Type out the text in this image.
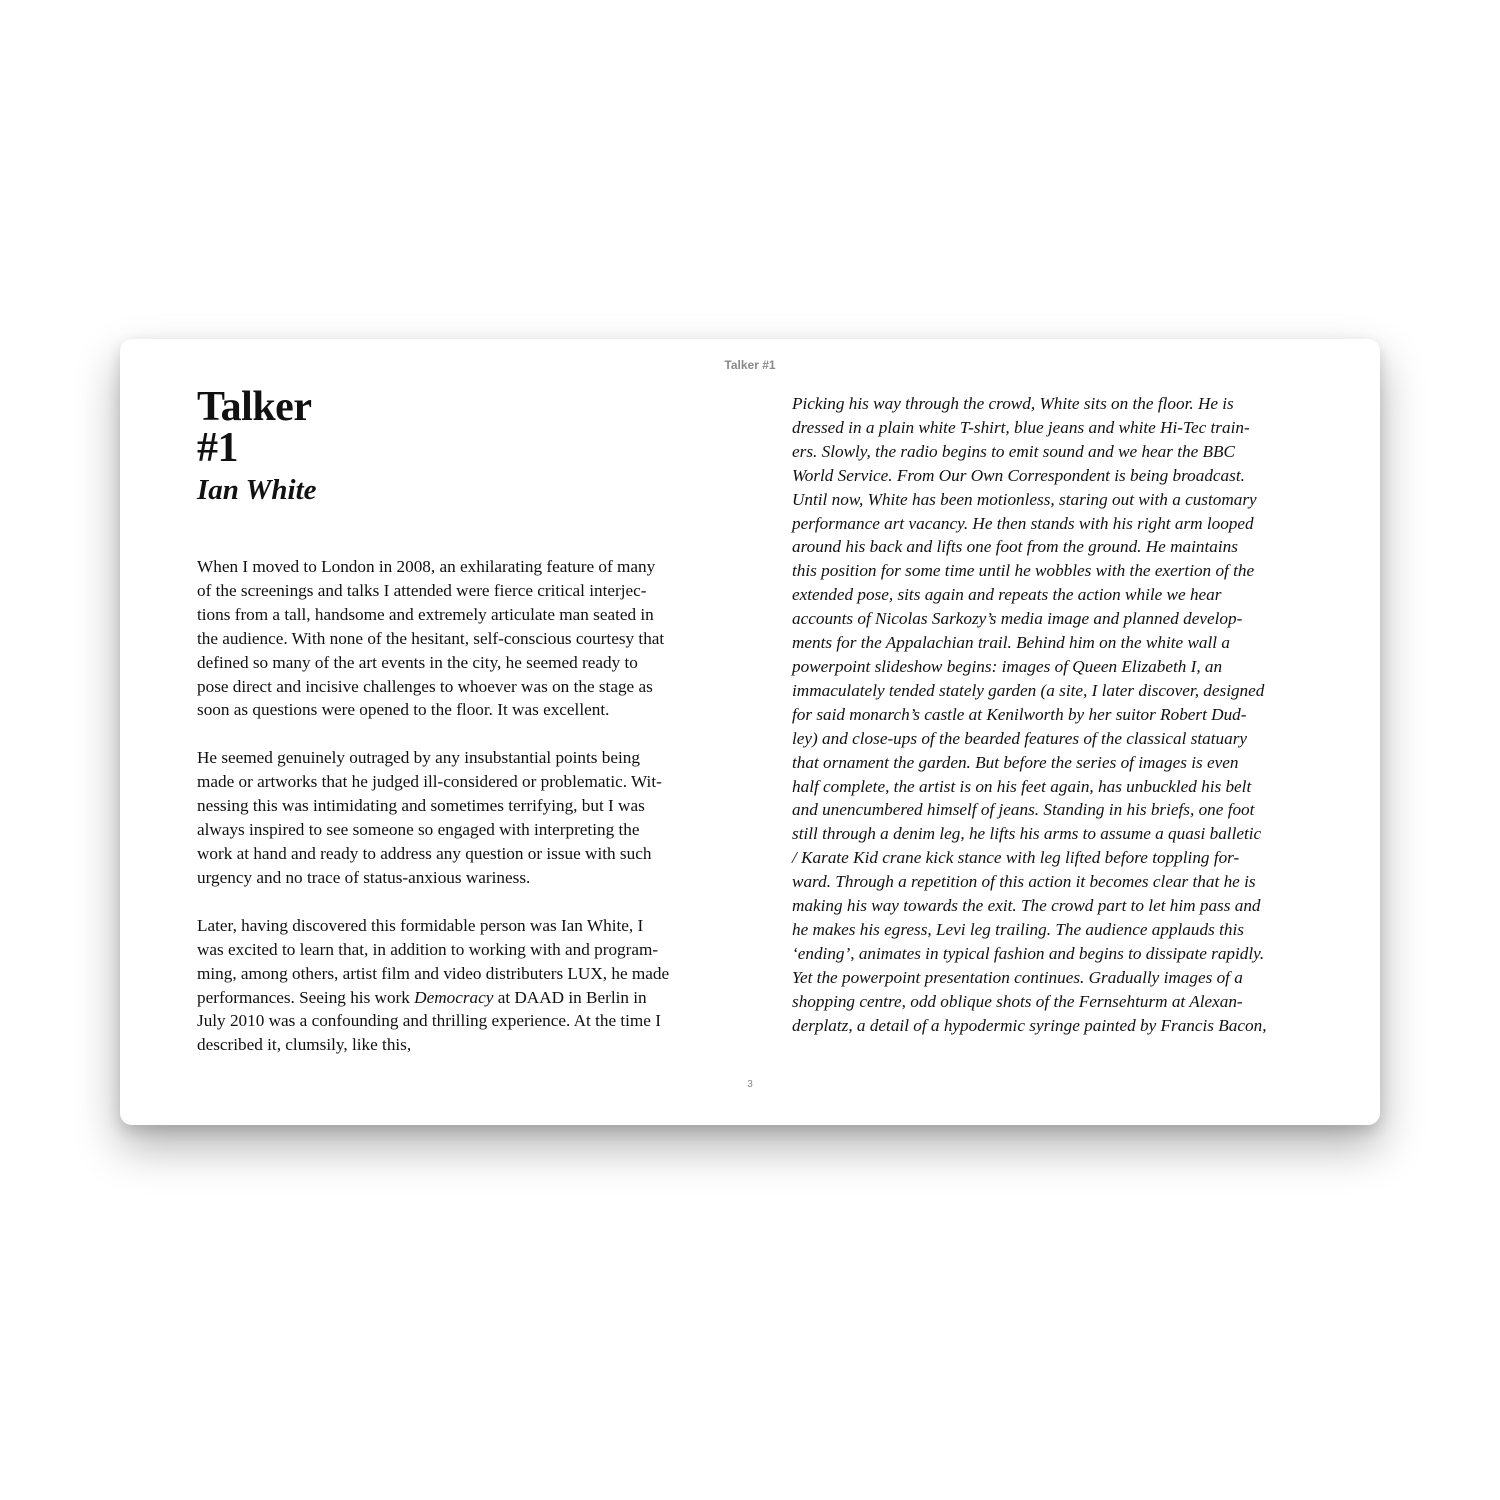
Talker #1
Talker
#1
Ian White

When I moved to London in 2008, an exhilarating feature of many
of the screenings and talks I attended were fierce critical interjec-
tions from a tall, handsome and extremely articulate man seated in
the audience. With none of the hesitant, self-conscious courtesy that
defined so many of the art events in the city, he seemed ready to
pose direct and incisive challenges to whoever was on the stage as
soon as questions were opened to the floor. It was excellent.

He seemed genuinely outraged by any insubstantial points being
made or artworks that he judged ill-considered or problematic. Wit-
nessing this was intimidating and sometimes terrifying, but I was
always inspired to see someone so engaged with interpreting the
work at hand and ready to address any question or issue with such
urgency and no trace of status-anxious wariness.

Later, having discovered this formidable person was Ian White, I
was excited to learn that, in addition to working with and program-
ming, among others, artist film and video distributers LUX, he made
performances. Seeing his work Democracy at DAAD in Berlin in
July 2010 was a confounding and thrilling experience. At the time I
described it, clumsily, like this,

Picking his way through the crowd, White sits on the floor. He is
dressed in a plain white T-shirt, blue jeans and white Hi-Tec train-
ers. Slowly, the radio begins to emit sound and we hear the BBC
World Service. From Our Own Correspondent is being broadcast.
Until now, White has been motionless, staring out with a customary
performance art vacancy. He then stands with his right arm looped
around his back and lifts one foot from the ground. He maintains
this position for some time until he wobbles with the exertion of the
extended pose, sits again and repeats the action while we hear
accounts of Nicolas Sarkozy’s media image and planned develop-
ments for the Appalachian trail. Behind him on the white wall a
powerpoint slideshow begins: images of Queen Elizabeth I, an
immaculately tended stately garden (a site, I later discover, designed
for said monarch’s castle at Kenilworth by her suitor Robert Dud-
ley) and close-ups of the bearded features of the classical statuary
that ornament the garden. But before the series of images is even
half complete, the artist is on his feet again, has unbuckled his belt
and unencumbered himself of jeans. Standing in his briefs, one foot
still through a denim leg, he lifts his arms to assume a quasi balletic
/ Karate Kid crane kick stance with leg lifted before toppling for-
ward. Through a repetition of this action it becomes clear that he is
making his way towards the exit. The crowd part to let him pass and
he makes his egress, Levi leg trailing. The audience applauds this
‘ending’, animates in typical fashion and begins to dissipate rapidly.
Yet the powerpoint presentation continues. Gradually images of a
shopping centre, odd oblique shots of the Fernsehturm at Alexan-
derplatz, a detail of a hypodermic syringe painted by Francis Bacon,
3
